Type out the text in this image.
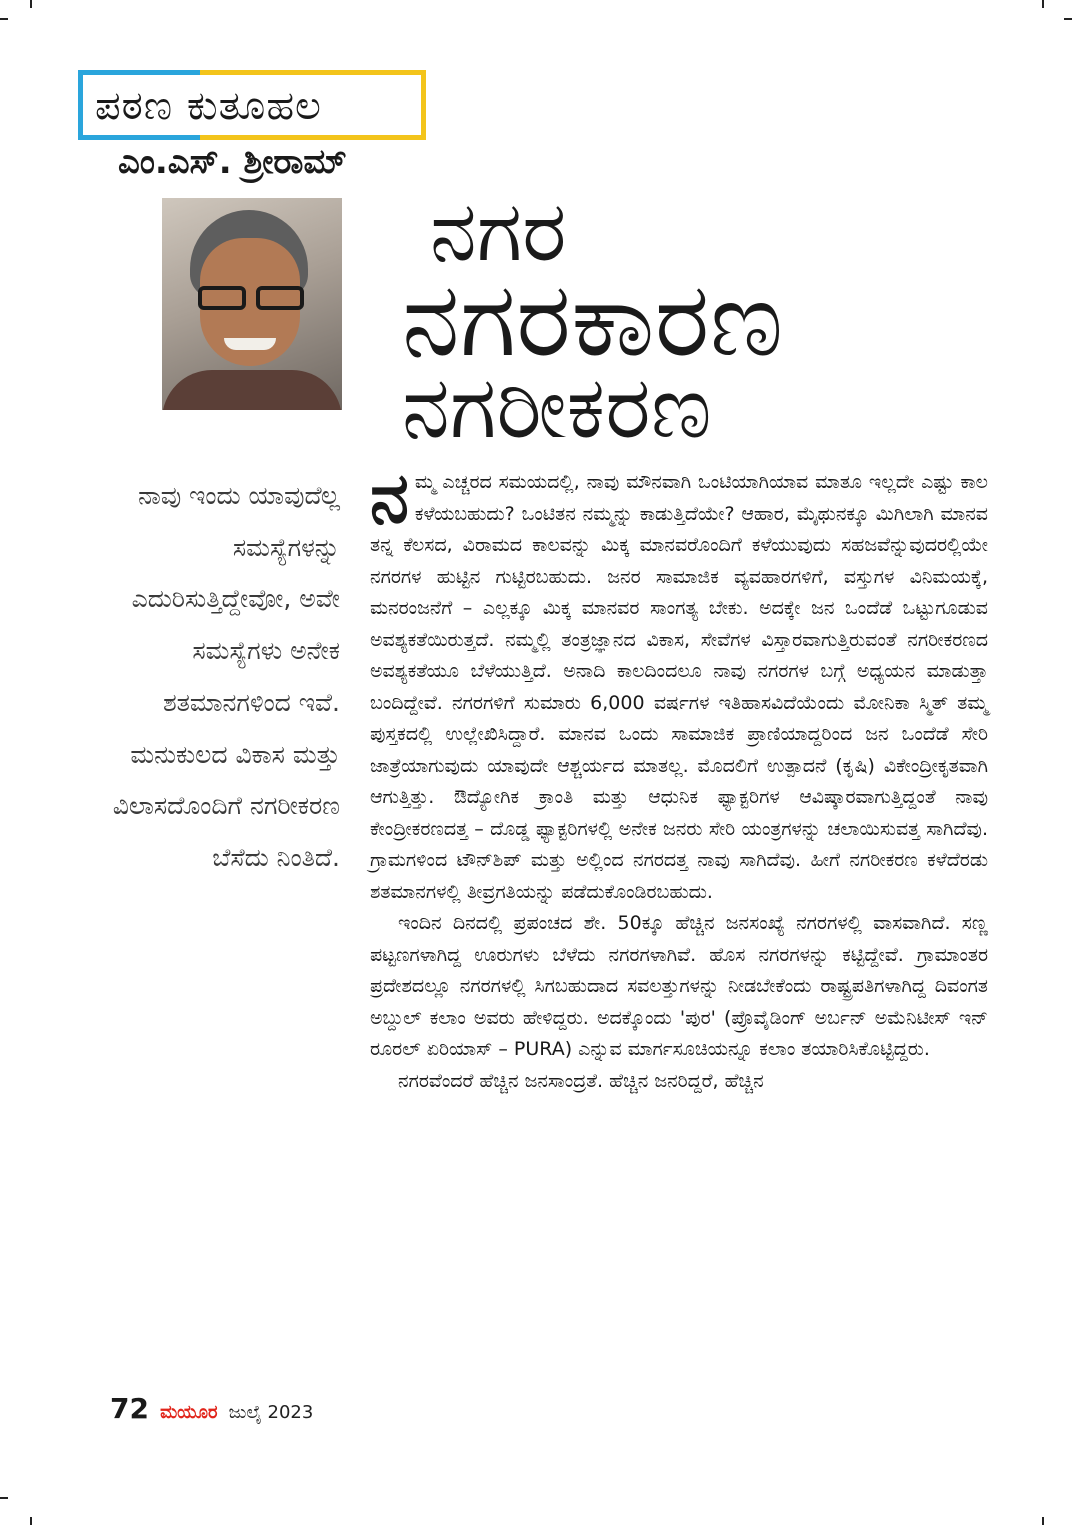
ಪಠಣ ಕುತೂಹಲ
ಎಂ.ಎಸ್. ಶ್ರೀರಾಮ್
ನಗರ
ನಗರಕಾರಣ
ನಗರೀಕರಣ
ನಾವು ಇಂದು ಯಾವುದೆಲ್ಲ ಸಮಸ್ಯೆಗಳನ್ನು ಎದುರಿಸುತ್ತಿದ್ದೇವೋ, ಅವೇ ಸಮಸ್ಯೆಗಳು ಅನೇಕ ಶತಮಾನಗಳಿಂದ ಇವೆ. ಮನುಕುಲದ ವಿಕಾಸ ಮತ್ತು ವಿಲಾಸದೊಂದಿಗೆ ನಗರೀಕರಣ ಬೆಸೆದು ನಿಂತಿದೆ.

ನಮ್ಮ ಎಚ್ಚರದ ಸಮಯದಲ್ಲಿ, ನಾವು ಮೌನವಾಗಿ ಒಂಟಿಯಾಗಿಯಾವ ಮಾತೂ ಇಲ್ಲದೇ ಎಷ್ಟು ಕಾಲ ಕಳೆಯಬಹುದು? ಒಂಟಿತನ ನಮ್ಮನ್ನು ಕಾಡುತ್ತಿದೆಯೇ? ಆಹಾರ, ಮೈಥುನಕ್ಕೂ ಮಿಗಿಲಾಗಿ ಮಾನವ ತನ್ನ ಕೆಲಸದ, ವಿರಾಮದ ಕಾಲವನ್ನು ಮಿಕ್ಕ ಮಾನವರೊಂದಿಗೆ ಕಳೆಯುವುದು ಸಹಜವೆನ್ನುವುದರಲ್ಲಿಯೇ ನಗರಗಳ ಹುಟ್ಟಿನ ಗುಟ್ಟಿರಬಹುದು. ಜನರ ಸಾಮಾಜಿಕ ವ್ಯವಹಾರಗಳಿಗೆ, ವಸ್ತುಗಳ ವಿನಿಮಯಕ್ಕೆ, ಮನರಂಜನೆಗೆ – ಎಲ್ಲಕ್ಕೂ ಮಿಕ್ಕ ಮಾನವರ ಸಾಂಗತ್ಯ ಬೇಕು. ಅದಕ್ಕೇ ಜನ ಒಂದೆಡೆ ಒಟ್ಟುಗೂಡುವ ಅವಶ್ಯಕತೆಯಿರುತ್ತದೆ. ನಮ್ಮಲ್ಲಿ ತಂತ್ರಜ್ಞಾನದ ವಿಕಾಸ, ಸೇವೆಗಳ ವಿಸ್ತಾರವಾಗುತ್ತಿರುವಂತೆ ನಗರೀಕರಣದ ಅವಶ್ಯಕತೆಯೂ ಬೆಳೆಯುತ್ತಿದೆ. ಅನಾದಿ ಕಾಲದಿಂದಲೂ ನಾವು ನಗರಗಳ ಬಗ್ಗೆ ಅಧ್ಯಯನ ಮಾಡುತ್ತಾ ಬಂದಿದ್ದೇವೆ. ನಗರಗಳಿಗೆ ಸುಮಾರು 6,000 ವರ್ಷಗಳ ಇತಿಹಾಸವಿದೆಯೆಂದು ಮೋನಿಕಾ ಸ್ಮಿತ್ ತಮ್ಮ ಪುಸ್ತಕದಲ್ಲಿ ಉಲ್ಲೇಖಿಸಿದ್ದಾರೆ. ಮಾನವ ಒಂದು ಸಾಮಾಜಿಕ ಪ್ರಾಣಿಯಾದ್ದರಿಂದ ಜನ ಒಂದೆಡೆ ಸೇರಿ ಜಾತ್ರೆಯಾಗುವುದು ಯಾವುದೇ ಆಶ್ಚರ್ಯದ ಮಾತಲ್ಲ. ಮೊದಲಿಗೆ ಉತ್ಪಾದನೆ (ಕೃಷಿ) ವಿಕೇಂದ್ರೀಕೃತವಾಗಿ ಆಗುತ್ತಿತ್ತು. ಔದ್ಯೋಗಿಕ ಕ್ರಾಂತಿ ಮತ್ತು ಆಧುನಿಕ ಫ್ಯಾಕ್ಟರಿಗಳ ಆವಿಷ್ಕಾರವಾಗುತ್ತಿದ್ದಂತೆ ನಾವು ಕೇಂದ್ರೀಕರಣದತ್ತ – ದೊಡ್ಡ ಫ್ಯಾಕ್ಟರಿಗಳಲ್ಲಿ ಅನೇಕ ಜನರು ಸೇರಿ ಯಂತ್ರಗಳನ್ನು ಚಲಾಯಿಸುವತ್ತ ಸಾಗಿದೆವು. ಗ್ರಾಮಗಳಿಂದ ಟೌನ್‌ಶಿಪ್ ಮತ್ತು ಅಲ್ಲಿಂದ ನಗರದತ್ತ ನಾವು ಸಾಗಿದೆವು. ಹೀಗೆ ನಗರೀಕರಣ ಕಳೆದೆರಡು ಶತಮಾನಗಳಲ್ಲಿ ತೀವ್ರಗತಿಯನ್ನು ಪಡೆದುಕೊಂಡಿರಬಹುದು.

ಇಂದಿನ ದಿನದಲ್ಲಿ ಪ್ರಪಂಚದ ಶೇ. 50ಕ್ಕೂ ಹೆಚ್ಚಿನ ಜನಸಂಖ್ಯೆ ನಗರಗಳಲ್ಲಿ ವಾಸವಾಗಿದೆ. ಸಣ್ಣ ಪಟ್ಟಣಗಳಾಗಿದ್ದ ಊರುಗಳು ಬೆಳೆದು ನಗರಗಳಾಗಿವೆ. ಹೊಸ ನಗರಗಳನ್ನು ಕಟ್ಟಿದ್ದೇವೆ. ಗ್ರಾಮಾಂತರ ಪ್ರದೇಶದಲ್ಲೂ ನಗರಗಳಲ್ಲಿ ಸಿಗಬಹುದಾದ ಸವಲತ್ತುಗಳನ್ನು ನೀಡಬೇಕೆಂದು ರಾಷ್ಟ್ರಪತಿಗಳಾಗಿದ್ದ ದಿವಂಗತ ಅಬ್ದುಲ್ ಕಲಾಂ ಅವರು ಹೇಳಿದ್ದರು. ಅದಕ್ಕೊಂದು 'ಪುರ' (ಪ್ರೊವೈಡಿಂಗ್ ಅರ್ಬನ್ ಅಮೆನಿಟೀಸ್ ಇನ್ ರೂರಲ್ ಏರಿಯಾಸ್ – PURA) ಎನ್ನುವ ಮಾರ್ಗಸೂಚಿಯನ್ನೂ ಕಲಾಂ ತಯಾರಿಸಿಕೊಟ್ಟಿದ್ದರು.

ನಗರವೆಂದರೆ ಹೆಚ್ಚಿನ ಜನಸಾಂದ್ರತೆ. ಹೆಚ್ಚಿನ ಜನರಿದ್ದರೆ, ಹೆಚ್ಚಿನ

72 ಮಯೂರ ಜುಲೈ 2023
